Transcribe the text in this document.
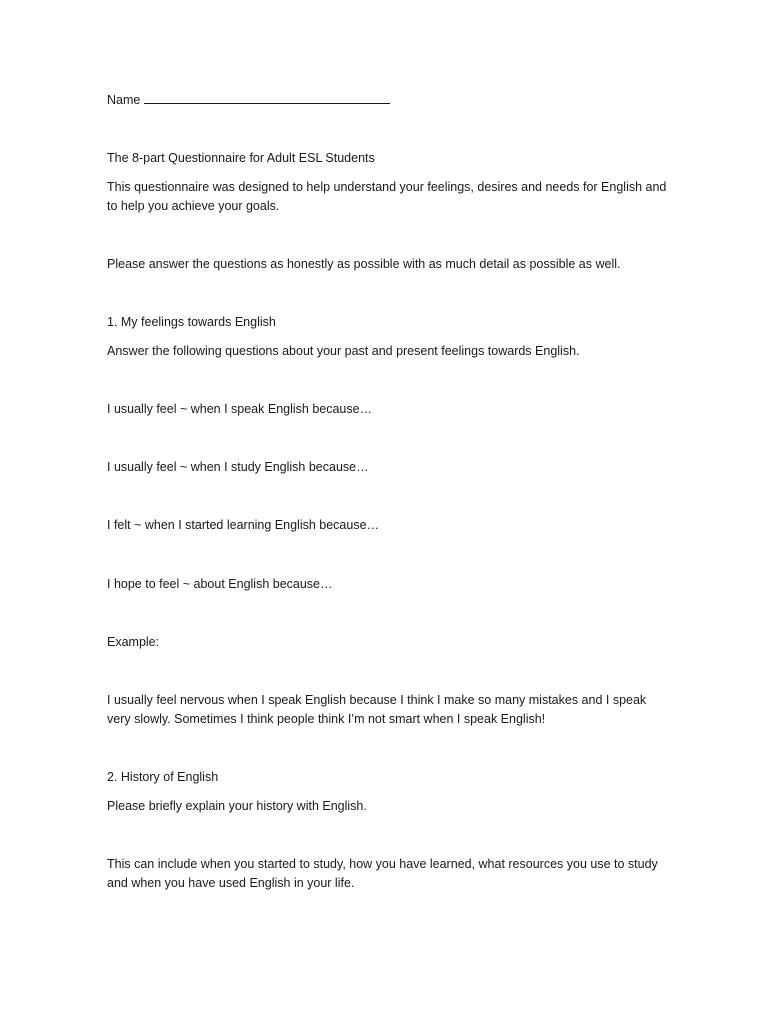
Name
The 8-part Questionnaire for Adult ESL Students
This questionnaire was designed to help understand your feelings, desires and needs for English and to help you achieve your goals.
Please answer the questions as honestly as possible with as much detail as possible as well.
1. My feelings towards English
Answer the following questions about your past and present feelings towards English.
I usually feel ~ when I speak English because…
I usually feel ~ when I study English because…
I felt ~ when I started learning English because…
I hope to feel ~ about English because…
Example:
I usually feel nervous when I speak English because I think I make so many mistakes and I speak very slowly. Sometimes I think people think I’m not smart when I speak English!
2. History of English
Please briefly explain your history with English.
This can include when you started to study, how you have learned, what resources you use to study and when you have used English in your life.
